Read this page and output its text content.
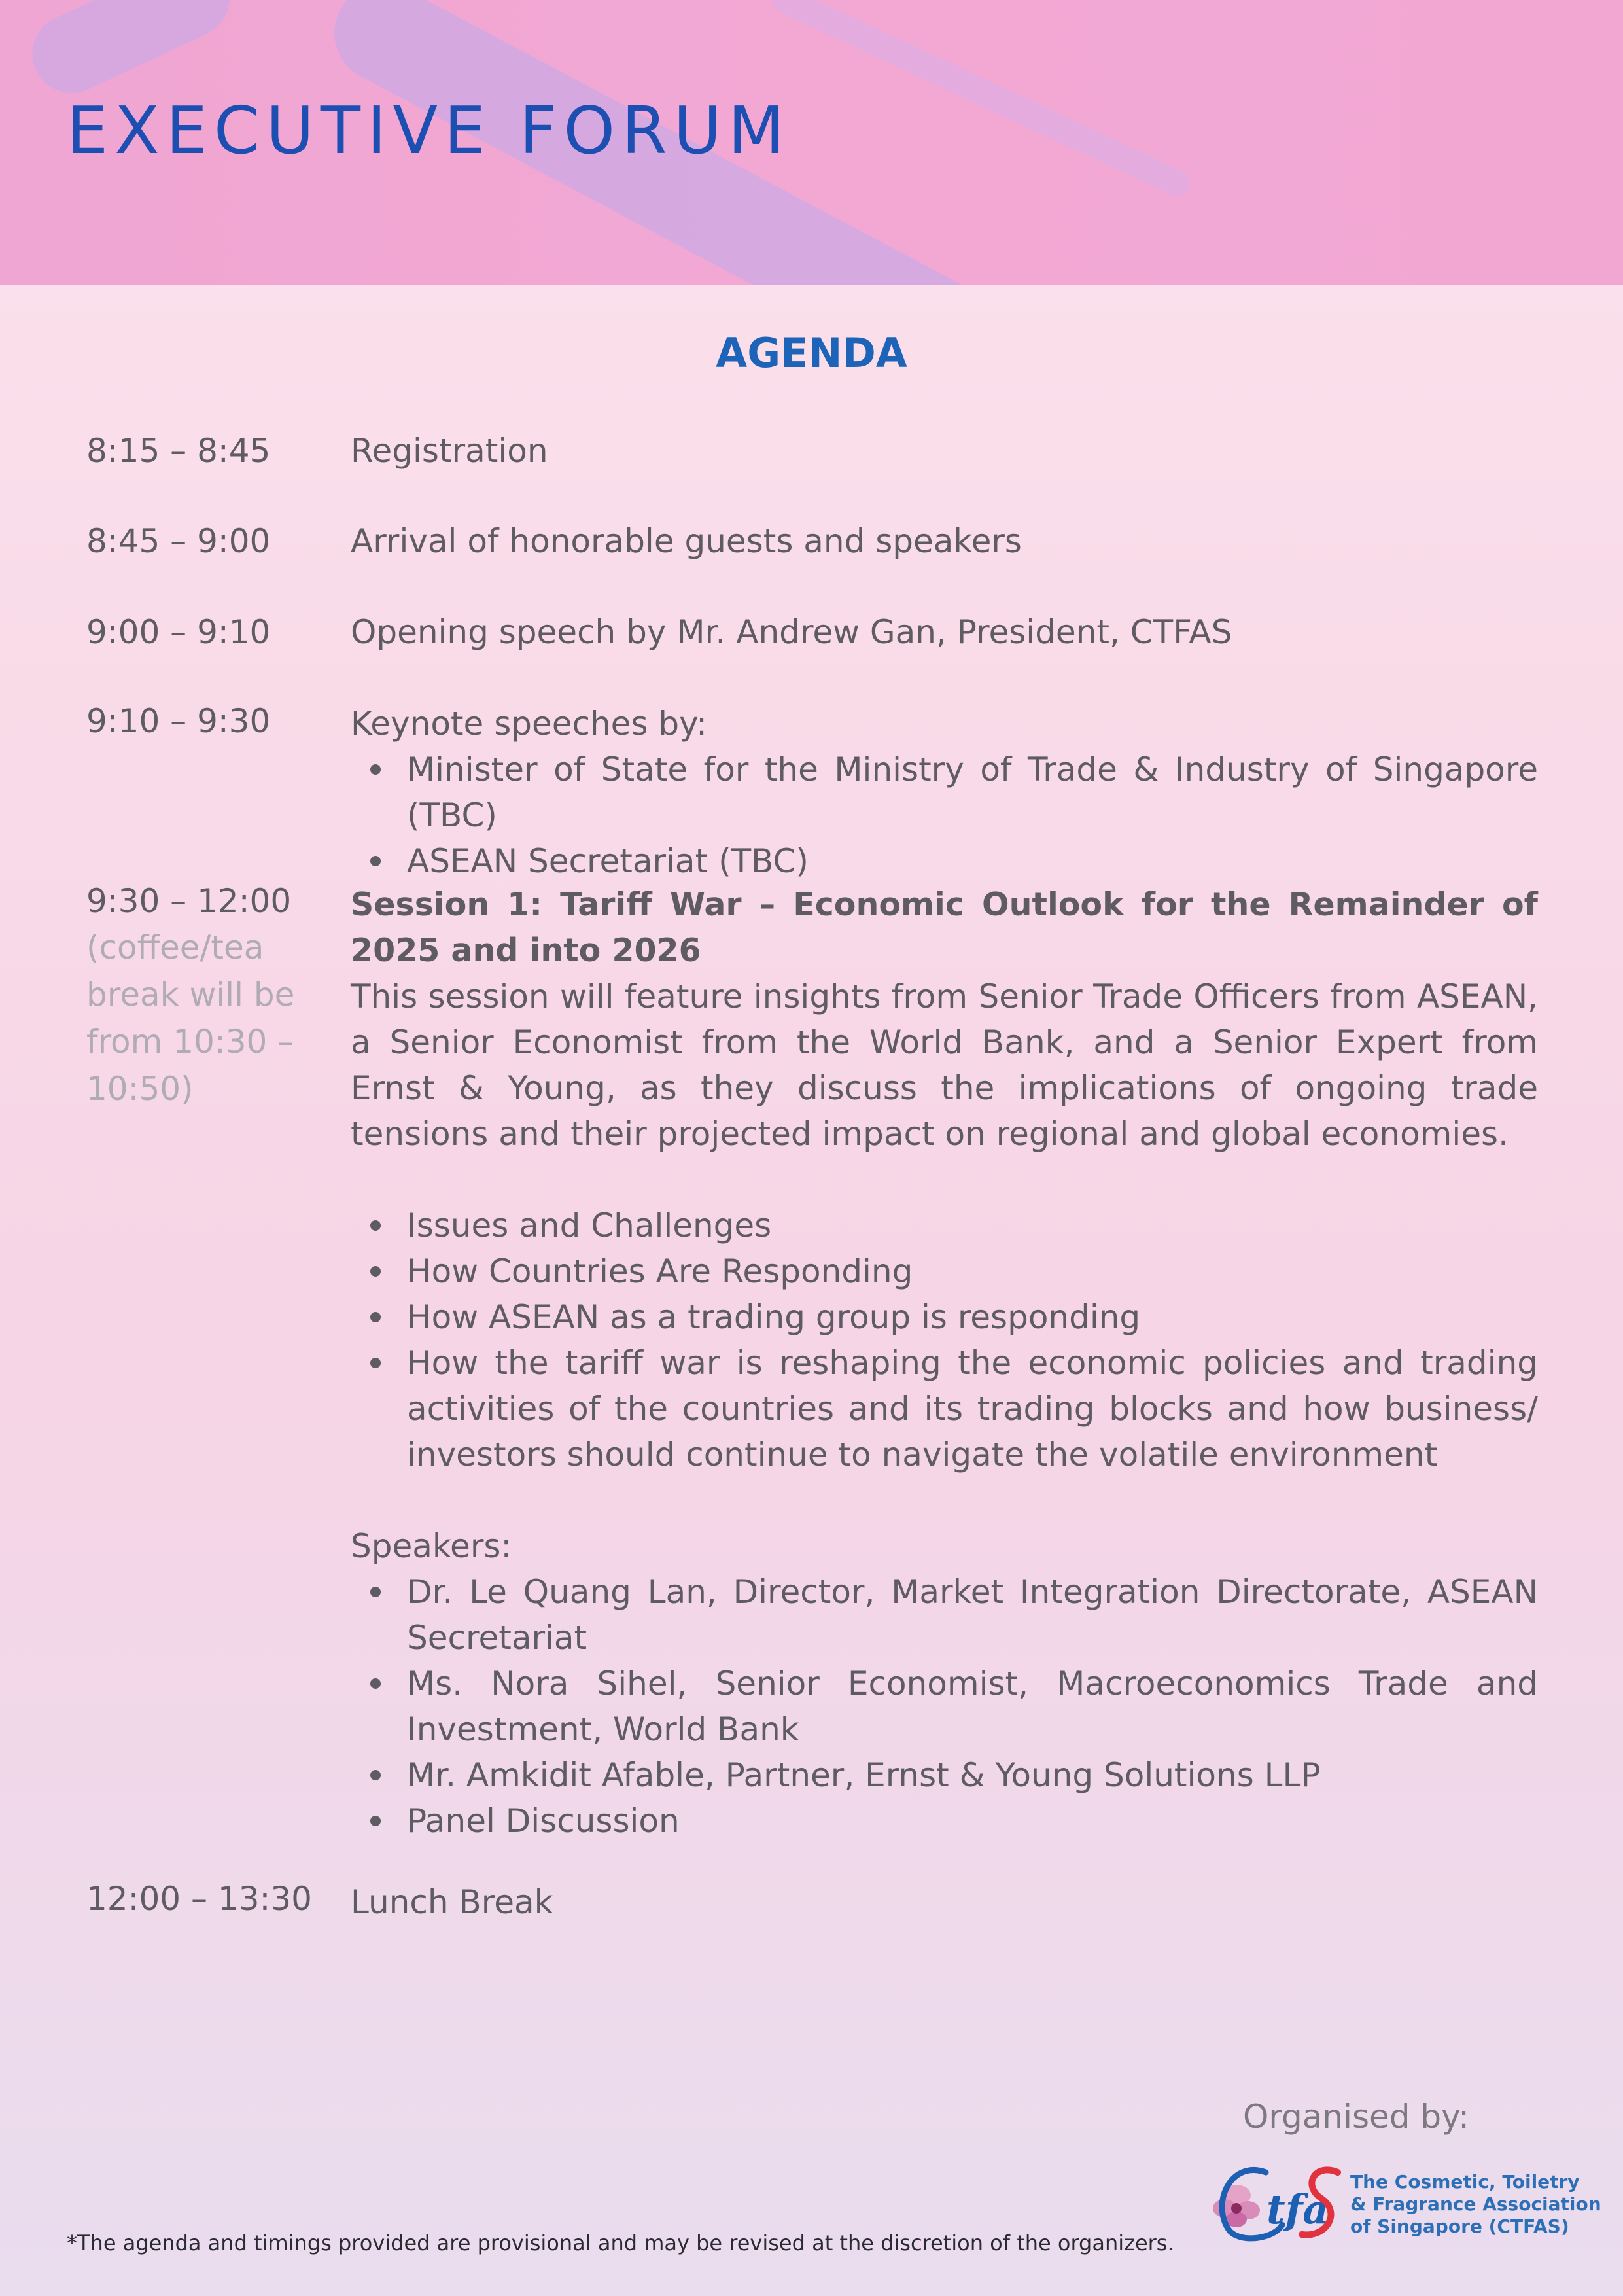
EXECUTIVE FORUM
AGENDA
8:15 – 8:45 Registration
8:45 – 9:00 Arrival of honorable guests and speakers
9:00 – 9:10 Opening speech by Mr. Andrew Gan, President, CTFAS
9:10 – 9:30 Keynote speeches by:
Minister of State for the Ministry of Trade & Industry of Singapore (TBC)
ASEAN Secretariat (TBC)
9:30 – 12:00
(coffee/tea break will be from 10:30 – 10:50)
Session 1: Tariff War – Economic Outlook for the Remainder of 2025 and into 2026
This session will feature insights from Senior Trade Officers from ASEAN, a Senior Economist from the World Bank, and a Senior Expert from Ernst & Young, as they discuss the implications of ongoing trade tensions and their projected impact on regional and global economies.
Issues and Challenges
How Countries Are Responding
How ASEAN as a trading group is responding
How the tariff war is reshaping the economic policies and trading activities of the countries and its trading blocks and how business/ investors should continue to navigate the volatile environment
Speakers:
Dr. Le Quang Lan, Director, Market Integration Directorate, ASEAN Secretariat
Ms. Nora Sihel, Senior Economist, Macroeconomics Trade and Investment, World Bank
Mr. Amkidit Afable, Partner, Ernst & Young Solutions LLP
Panel Discussion
12:00 – 13:30 Lunch Break
Organised by:
tfa
The Cosmetic, Toiletry
& Fragrance Association
of Singapore (CTFAS)
*The agenda and timings provided are provisional and may be revised at the discretion of the organizers.
